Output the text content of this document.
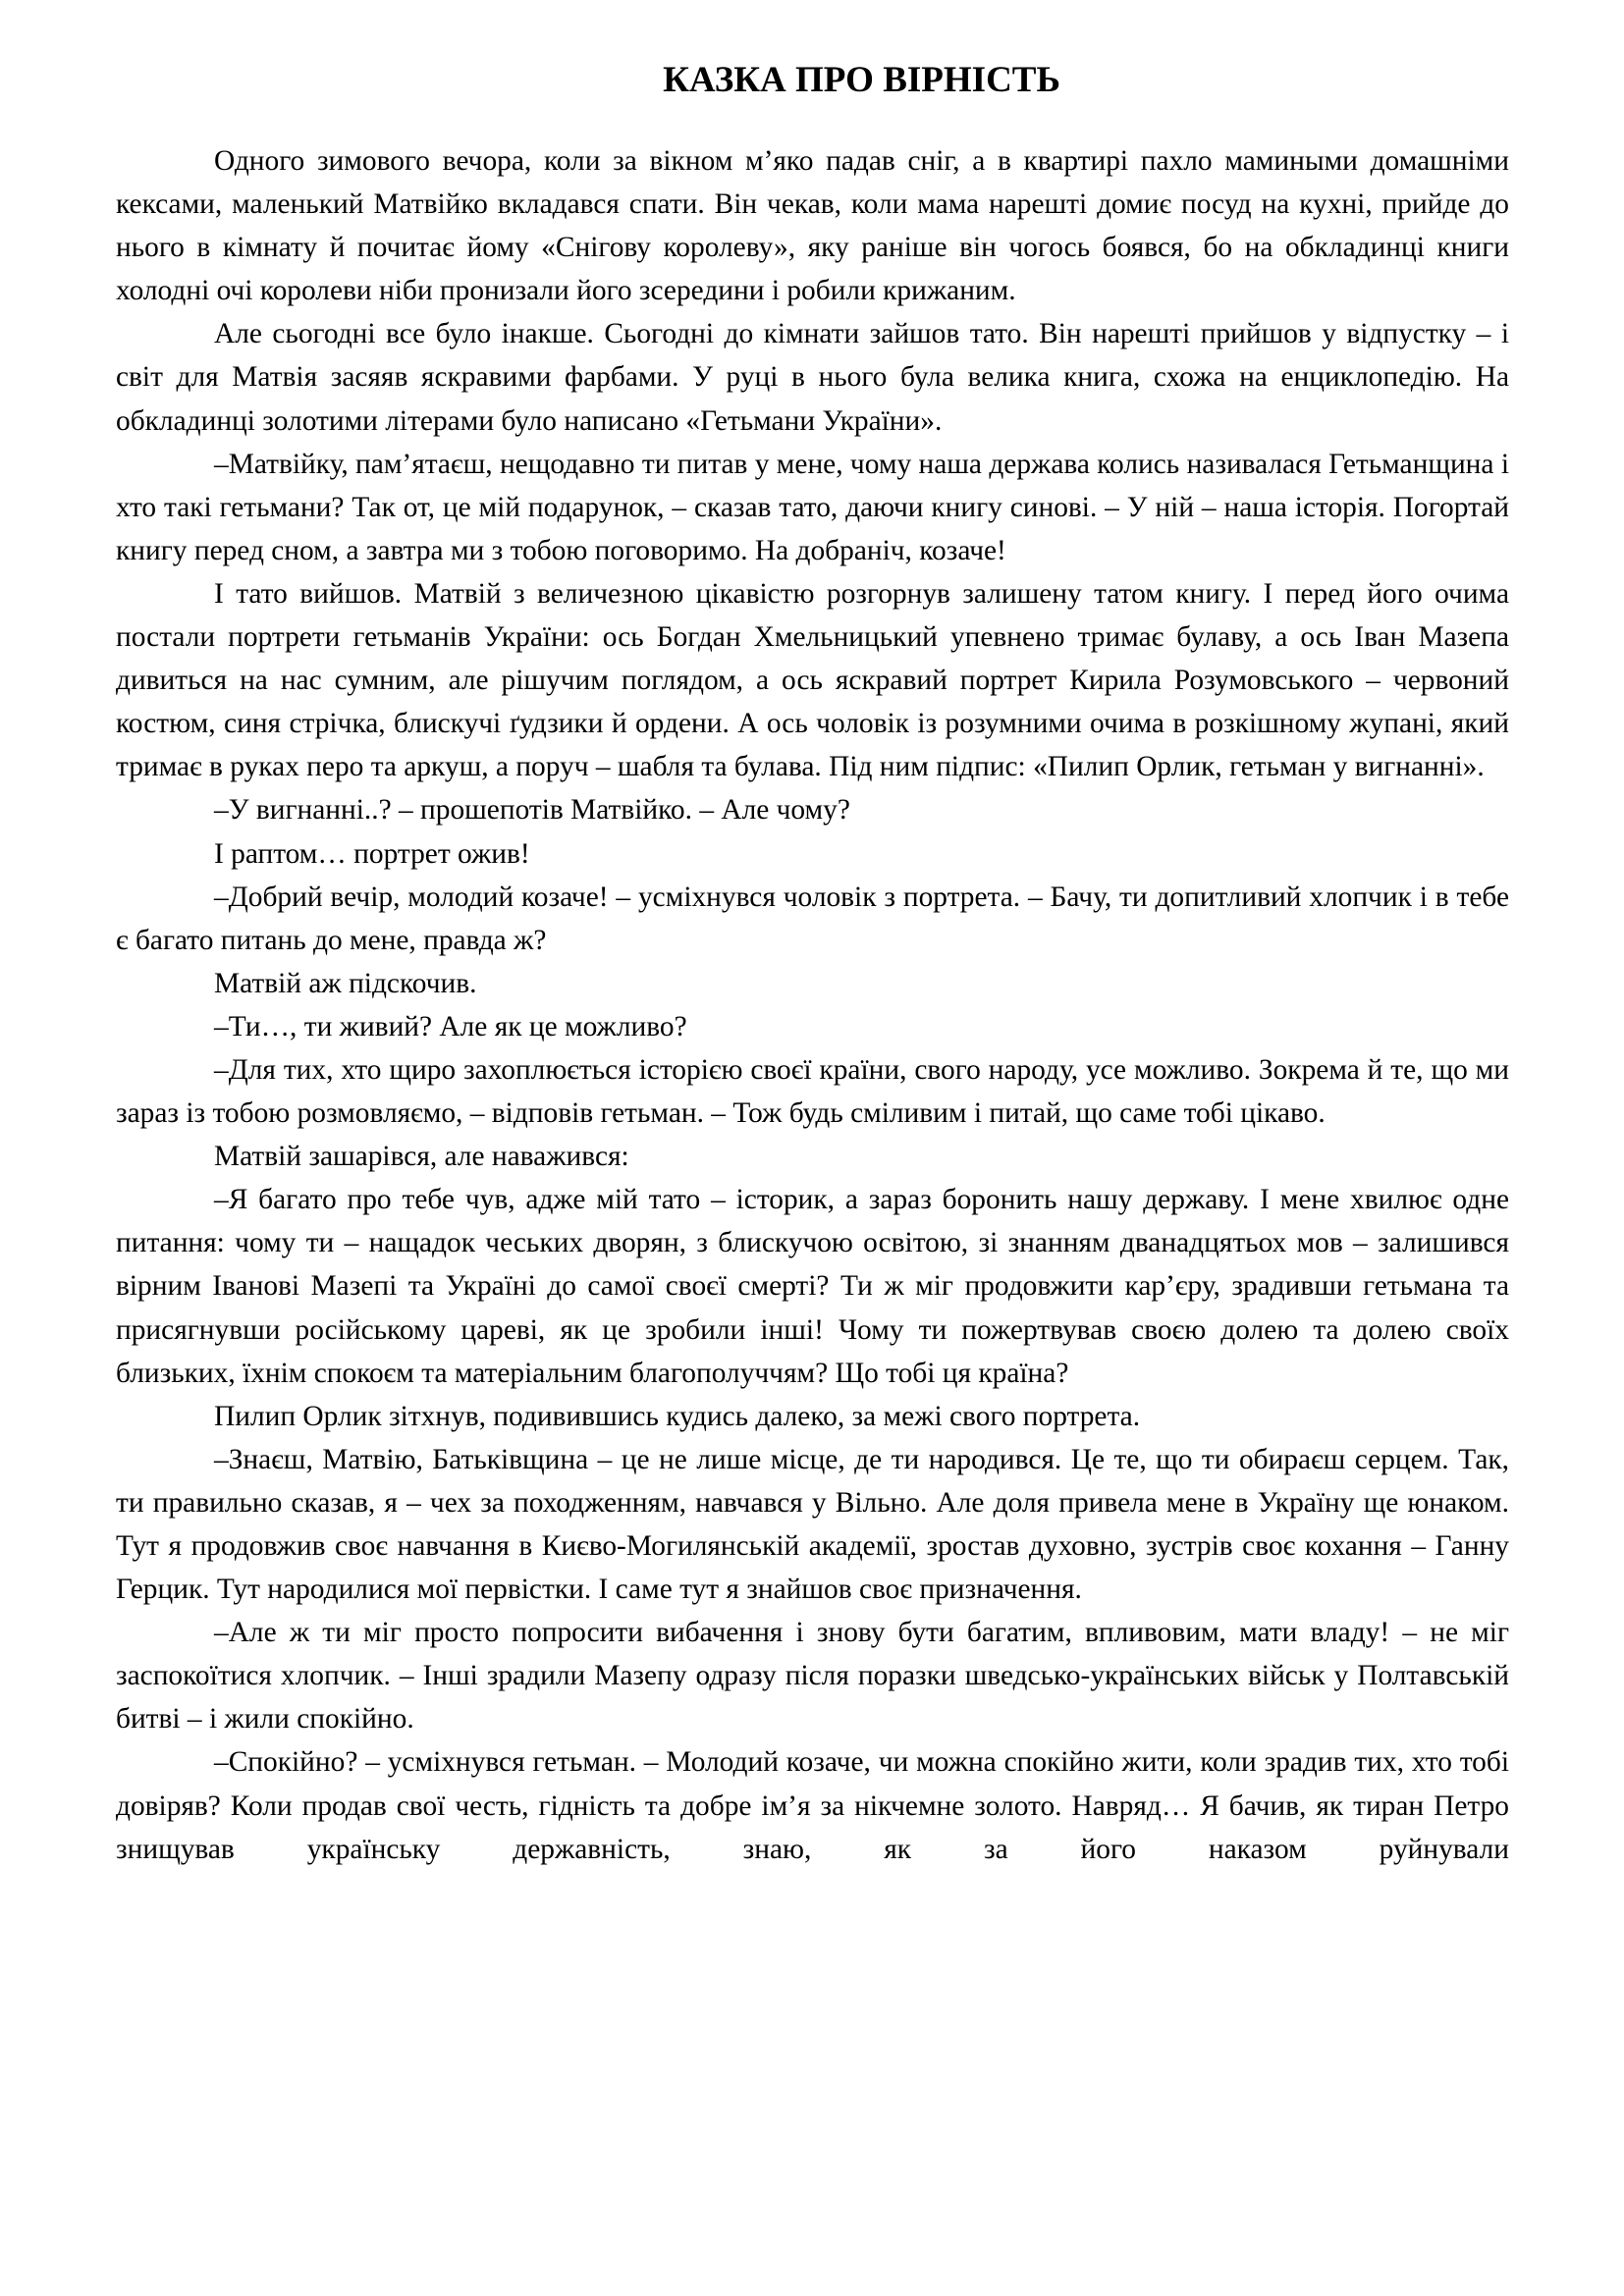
КАЗКА ПРО ВІРНІСТЬ

Одного зимового вечора, коли за вікном м’яко падав сніг, а в квартирі пахло мамиными домашніми кексами, маленький Матвійко вкладався спати. Він чекав, коли мама нарешті домиє посуд на кухні, прийде до нього в кімнату й почитає йому «Снігову королеву», яку раніше він чогось боявся, бо на обкладинці книги холодні очі королеви ніби пронизали його зсередини і робили крижаним.

Але сьогодні все було інакше. Сьогодні до кімнати зайшов тато. Він нарешті прийшов у відпустку – і світ для Матвія засяяв яскравими фарбами. У руці в нього була велика книга, схожа на енциклопедію. На обкладинці золотими літерами було написано «Гетьмани України».

–Матвійку, пам’ятаєш, нещодавно ти питав у мене, чому наша держава колись називалася Гетьманщина і хто такі гетьмани? Так от, це мій подарунок, – сказав тато, даючи книгу синові. – У ній – наша історія. Погортай книгу перед сном, а завтра ми з тобою поговоримо. На добраніч, козаче!

І тато вийшов. Матвій з величезною цікавістю розгорнув залишену татом книгу. І перед його очима постали портрети гетьманів України: ось Богдан Хмельницький упевнено тримає булаву, а ось Іван Мазепа дивиться на нас сумним, але рішучим поглядом, а ось яскравий портрет Кирила Розумовського – червоний костюм, синя стрічка, блискучі ґудзики й ордени. А ось чоловік із розумними очима в розкішному жупані, який тримає в руках перо та аркуш, а поруч – шабля та булава. Під ним підпис: «Пилип Орлик, гетьман у вигнанні».

–У вигнанні..? – прошепотів Матвійко. – Але чому?

І раптом… портрет ожив!

–Добрий вечір, молодий козаче! – усміхнувся чоловік з портрета. – Бачу, ти допитливий хлопчик і в тебе є багато питань до мене, правда ж?

Матвій аж підскочив.

–Ти…, ти живий? Але як це можливо?

–Для тих, хто щиро захоплюється історією своєї країни, свого народу, усе можливо. Зокрема й те, що ми зараз із тобою розмовляємо, – відповів гетьман. – Тож будь сміливим і питай, що саме тобі цікаво.

Матвій зашарівся, але наважився:

–Я багато про тебе чув, адже мій тато – історик, а зараз боронить нашу державу. І мене хвилює одне питання: чому ти – нащадок чеських дворян, з блискучою освітою, зі знанням дванадцятьох мов – залишився вірним Іванові Мазепі та Україні до самої своєї смерті? Ти ж міг продовжити кар’єру, зрадивши гетьмана та присягнувши російському цареві, як це зробили інші! Чому ти пожертвував своєю долею та долею своїх близьких, їхнім спокоєм та матеріальним благополуччям? Що тобі ця країна?

Пилип Орлик зітхнув, подивившись кудись далеко, за межі свого портрета.

–Знаєш, Матвію, Батьківщина – це не лише місце, де ти народився. Це те, що ти обираєш серцем. Так, ти правильно сказав, я – чех за походженням, навчався у Вільно. Але доля привела мене в Україну ще юнаком. Тут я продовжив своє навчання в Києво-Могилянській академії, зростав духовно, зустрів своє кохання – Ганну Герцик. Тут народилися мої первістки. І саме тут я знайшов своє призначення.

–Але ж ти міг просто попросити вибачення і знову бути багатим, впливовим, мати владу! – не міг заспокоїтися хлопчик. – Інші зрадили Мазепу одразу після поразки шведсько-українських військ у Полтавській битві – і жили спокійно.

–Спокійно? – усміхнувся гетьман. – Молодий козаче, чи можна спокійно жити, коли зрадив тих, хто тобі довіряв? Коли продав свої честь, гідність та добре ім’я за нікчемне золото. Навряд… Я бачив, як тиран Петро знищував українську державність, знаю, як за його наказом руйнували
